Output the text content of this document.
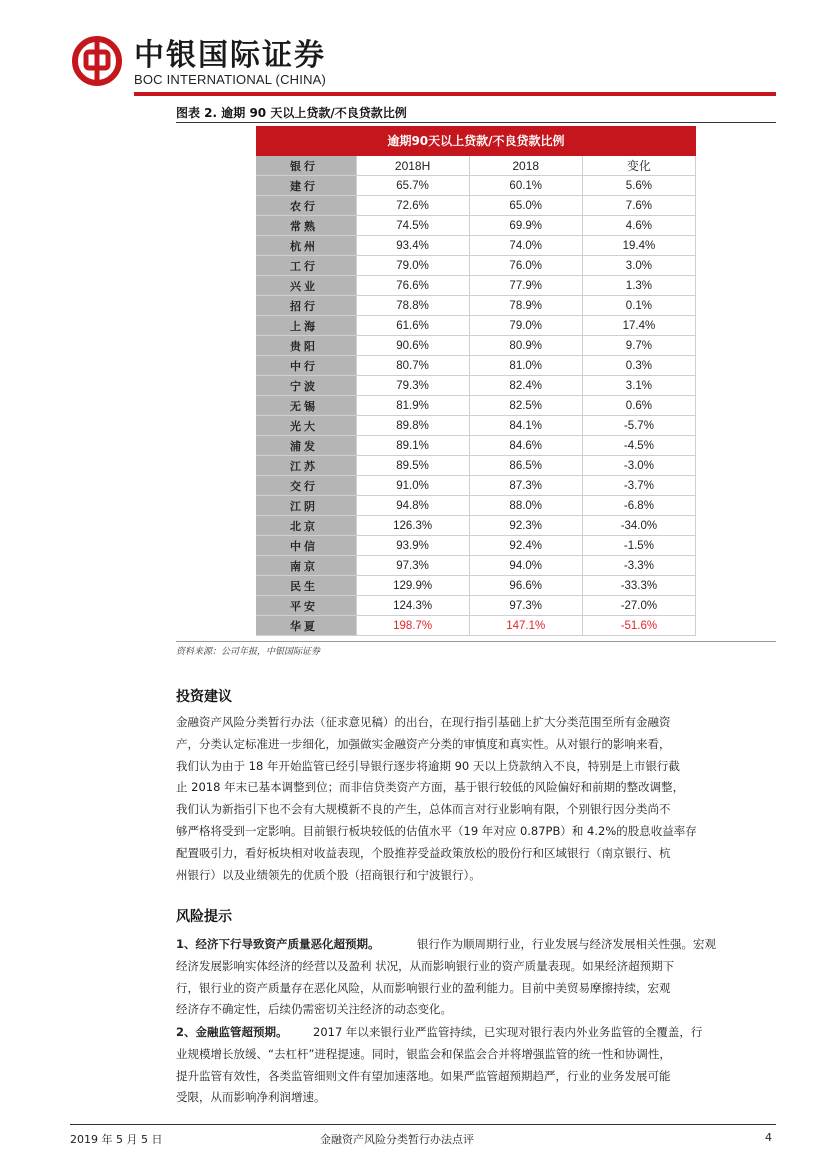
中银国际证券
BOC INTERNATIONAL (CHINA)
图表 2. 逾期 90 天以上贷款/不良贷款比例
逾期90天以上贷款/不良贷款比例
银行	2018H	2018	变化
建行	65.7%	60.1%	5.6%
农行	72.6%	65.0%	7.6%
常熟	74.5%	69.9%	4.6%
杭州	93.4%	74.0%	19.4%
工行	79.0%	76.0%	3.0%
兴业	76.6%	77.9%	1.3%
招行	78.8%	78.9%	0.1%
上海	61.6%	79.0%	17.4%
贵阳	90.6%	80.9%	9.7%
中行	80.7%	81.0%	0.3%
宁波	79.3%	82.4%	3.1%
无锡	81.9%	82.5%	0.6%
光大	89.8%	84.1%	-5.7%
浦发	89.1%	84.6%	-4.5%
江苏	89.5%	86.5%	-3.0%
交行	91.0%	87.3%	-3.7%
江阴	94.8%	88.0%	-6.8%
北京	126.3%	92.3%	-34.0%
中信	93.9%	92.4%	-1.5%
南京	97.3%	94.0%	-3.3%
民生	129.9%	96.6%	-33.3%
平安	124.3%	97.3%	-27.0%
华夏	198.7%	147.1%	-51.6%
资料来源：公司年报，中银国际证券
投资建议

金融资产风险分类暂行办法（征求意见稿）的出台，在现行指引基础上扩大分类范围至所有金融资

产，分类认定标准进一步细化，加强做实金融资产分类的审慎度和真实性。从对银行的影响来看，

我们认为由于 18 年开始监管已经引导银行逐步将逾期 90 天以上贷款纳入不良，特别是上市银行截

止 2018 年末已基本调整到位；而非信贷类资产方面，基于银行较低的风险偏好和前期的整改调整，

我们认为新指引下也不会有大规模新不良的产生，总体而言对行业影响有限，个别银行因分类尚不

够严格将受到一定影响。目前银行板块较低的估值水平（19 年对应 0.87PB）和 4.2%的股息收益率存

配置吸引力，看好板块相对收益表现，个股推荐受益政策放松的股份行和区域银行（南京银行、杭

州银行）以及业绩领先的优质个股（招商银行和宁波银行）。

风险提示

1、经济下行导致资产质量恶化超预期。	银行作为顺周期行业，行业发展与经济发展相关性强。宏观

经济发展影响实体经济的经营以及盈利 状况，从而影响银行业的资产质量表现。如果经济超预期下

行，银行业的资产质量存在恶化风险，从而影响银行业的盈利能力。目前中美贸易摩擦持续，宏观

经济存不确定性，后续仍需密切关注经济的动态变化。

2、金融监管超预期。 2017 年以来银行业严监管持续，已实现对银行表内外业务监管的全覆盖，行

业规模增长放缓、“去杠杆”进程提速。同时，银监会和保监会合并将增强监管的统一性和协调性，

提升监管有效性，各类监管细则文件有望加速落地。如果严监管超预期趋严，行业的业务发展可能

受限，从而影响净利润增速。

2019 年 5 月 5 日	金融资产风险分类暂行办法点评	4
